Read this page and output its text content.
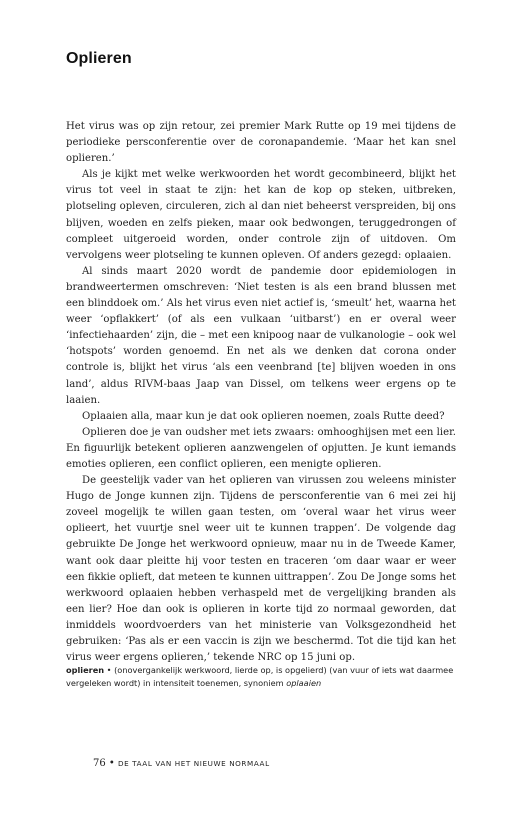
Oplieren

Het virus was op zijn retour, zei premier Mark Rutte op 19 mei tijdens de periodieke persconferentie over de coronapandemie. ‘Maar het kan snel oplieren.’

Als je kijkt met welke werkwoorden het wordt gecombineerd, blijkt het virus tot veel in staat te zijn: het kan de kop op steken, uitbreken, plotseling opleven, circuleren, zich al dan niet beheerst verspreiden, bij ons blijven, woeden en zelfs pieken, maar ook bedwongen, teruggedrongen of compleet uitgeroeid worden, onder controle zijn of uitdoven. Om vervolgens weer plotseling te kunnen opleven. Of anders gezegd: oplaaien.

Al sinds maart 2020 wordt de pandemie door epidemiologen in brandweertermen omschreven: ‘Niet testen is als een brand blussen met een blinddoek om.’ Als het virus even niet actief is, ‘smeult’ het, waarna het weer ‘opflakkert’ (of als een vulkaan ‘uitbarst’) en er overal weer ‘infectiehaarden’ zijn, die – met een knipoog naar de vulkanologie – ook wel ‘hotspots’ worden genoemd. En net als we denken dat corona onder controle is, blijkt het virus ‘als een veenbrand [te] blijven woeden in ons land’, aldus RIVM-baas Jaap van Dissel, om telkens weer ergens op te laaien.

Oplaaien alla, maar kun je dat ook oplieren noemen, zoals Rutte deed?

Oplieren doe je van oudsher met iets zwaars: omhooghijsen met een lier. En figuurlijk betekent oplieren aanzwengelen of opjutten. Je kunt iemands emoties oplieren, een conflict oplieren, een menigte oplieren.

De geestelijk vader van het oplieren van virussen zou weleens minister Hugo de Jonge kunnen zijn. Tijdens de persconferentie van 6 mei zei hij zoveel mogelijk te willen gaan testen, om ‘overal waar het virus weer oplieert, het vuurtje snel weer uit te kunnen trappen’. De volgende dag gebruikte De Jonge het werkwoord opnieuw, maar nu in de Tweede Kamer, want ook daar pleitte hij voor testen en traceren ‘om daar waar er weer een fikkie oplieft, dat meteen te kunnen uittrappen’. Zou De Jonge soms het werkwoord oplaaien hebben verhaspeld met de vergelijking branden als een lier? Hoe dan ook is oplieren in korte tijd zo normaal geworden, dat inmiddels woordvoerders van het ministerie van Volksgezondheid het gebruiken: ‘Pas als er een vaccin is zijn we beschermd. Tot die tijd kan het virus weer ergens oplieren,’ tekende NRC op 15 juni op.

oplieren • (onovergankelijk werkwoord, lierde op, is opgelierd) (van vuur of iets wat daarmee vergeleken wordt) in intensiteit toenemen, synoniem oplaaien
76 • DE TAAL VAN HET NIEUWE NORMAAL
